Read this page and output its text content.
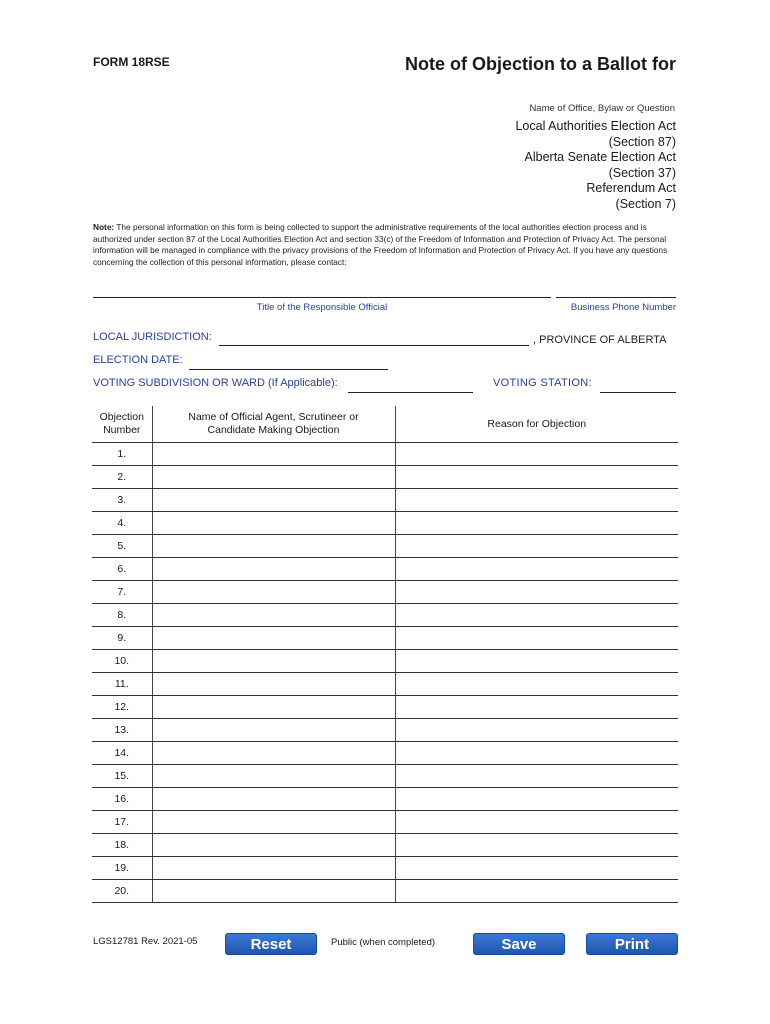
FORM 18RSE	Note of Objection to a Ballot for
Name of Office, Bylaw or Question
Local Authorities Election Act
(Section 87)
Alberta Senate Election Act
(Section 37)
Referendum Act
(Section 7)
Note: The personal information on this form is being collected to support the administrative requirements of the local authorities election process and is authorized under section 87 of the Local Authorities Election Act and section 33(c) of the Freedom of Information and Protection of Privacy Act. The personal information will be managed in compliance with the privacy provisions of the Freedom of Information and Protection of Privacy Act. If you have any questions concerning the collection of this personal information, please contact:
Title of the Responsible Official	Business Phone Number
LOCAL JURISDICTION:	, PROVINCE OF ALBERTA
ELECTION DATE:
VOTING SUBDIVISION OR WARD (If Applicable):	VOTING STATION:
Objection Number	Name of Official Agent, Scrutineer or Candidate Making Objection	Reason for Objection
1.		
2.		
3.		
4.		
5.		
6.		
7.		
8.		
9.		
10.		
11.		
12.		
13.		
14.		
15.		
16.		
17.		
18.		
19.		
20.		
LGS12781 Rev. 2021-05	Reset	Public (when completed)	Save	Print
